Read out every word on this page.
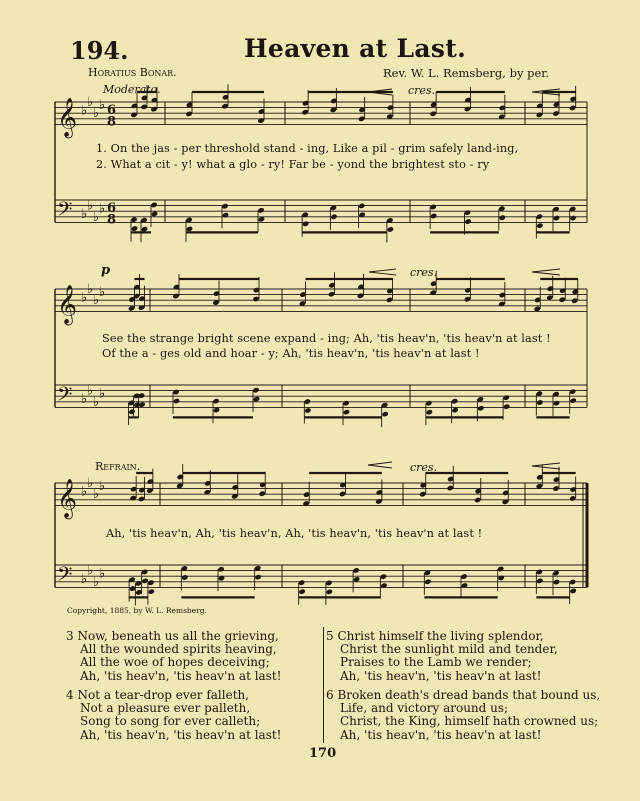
194.	Heaven at Last.
Horatius Bonar.	Rev. W. L. Remsberg, by per.
Moderato.	cres.
p	cres.
cres.
𝄞 ♭
♭
♭
♭ 6
8
𝄢 ♭
♭
♭
♭ 6
8
𝄞 ♭
♭
♭
♭
𝄢 ♭
♭
♭
♭
𝄞 ♭
♭
♭
♭
𝄢 ♭
♭
♭
♭
1. On the jas - per threshold stand - ing, Like a pil - grim safely land-ing,
2. What a cit - y! what a glo - ry! Far be - yond the brightest sto - ry
See the strange bright scene expand - ing; Ah, 'tis heav'n, 'tis heav'n at last !
Of the a - ges old and hoar - y; Ah, 'tis heav'n, 'tis heav'n at last !
Refrain.
Ah, 'tis heav'n, Ah, 'tis heav'n, Ah, 'tis heav'n, 'tis heav'n at last !
Copyright, 1885, by W. L. Remsberg.
3 Now, beneath us all the grieving,
All the wounded spirits heaving,
All the woe of hopes deceiving;
Ah, 'tis heav'n, 'tis heav'n at last!
4 Not a tear-drop ever falleth,
Not a pleasure ever palleth,
Song to song for ever calleth;
Ah, 'tis heav'n, 'tis heav'n at last!
5 Christ himself the living splendor,
Christ the sunlight mild and tender,
Praises to the Lamb we render;
Ah, 'tis heav'n, 'tis heav'n at last!
6 Broken death's dread bands that bound us,
Life, and victory around us;
Christ, the King, himself hath crowned us;
Ah, 'tis heav'n, 'tis heav'n at last!
170
